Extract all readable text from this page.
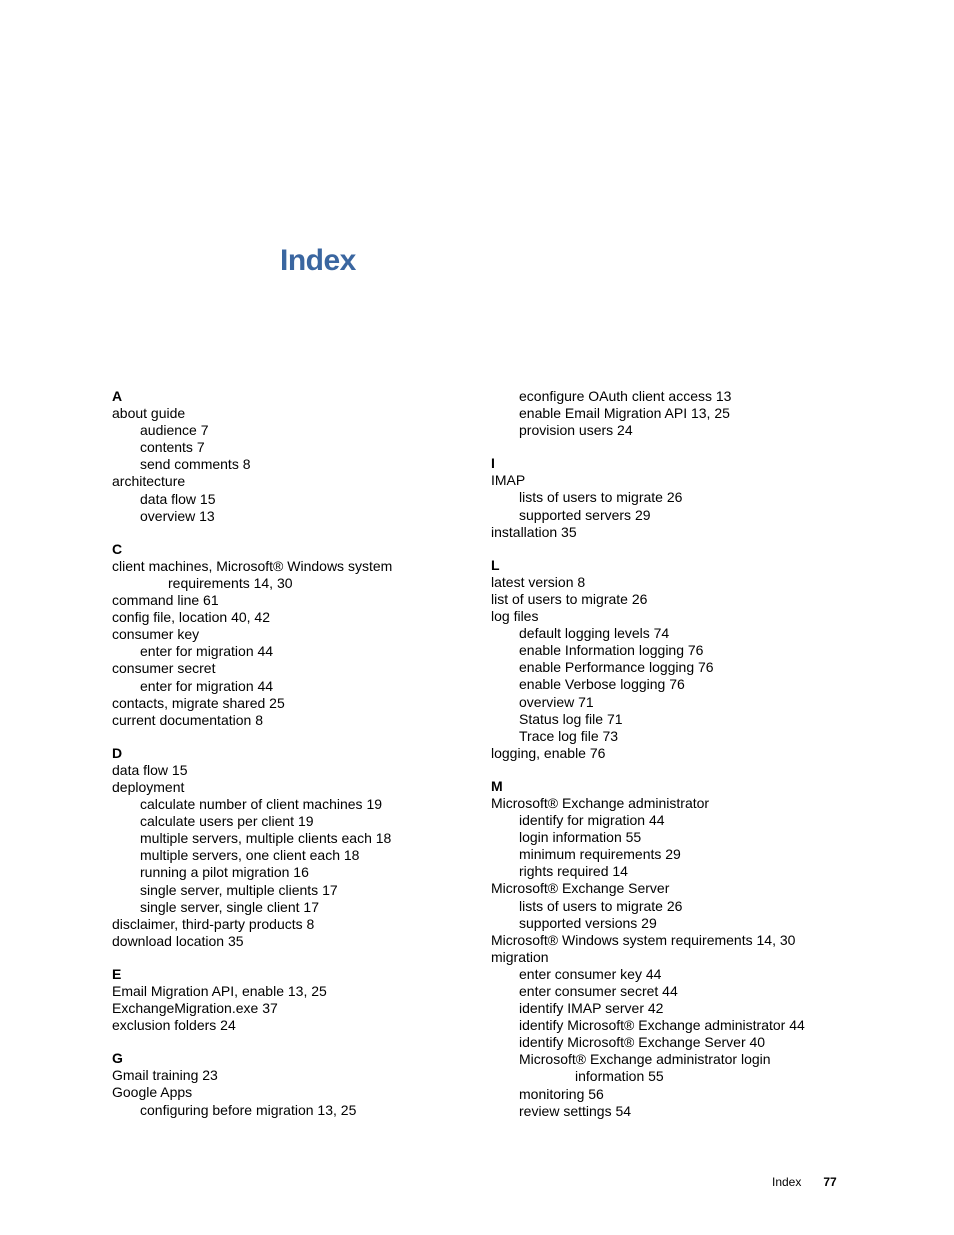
Index
A
about guide
audience 7
contents 7
send comments 8
architecture
data flow 15
overview 13
C
client machines, Microsoft® Windows system
requirements 14, 30
command line 61
config file, location 40, 42
consumer key
enter for migration 44
consumer secret
enter for migration 44
contacts, migrate shared 25
current documentation 8
D
data flow 15
deployment
calculate number of client machines 19
calculate users per client 19
multiple servers, multiple clients each 18
multiple servers, one client each 18
running a pilot migration 16
single server, multiple clients 17
single server, single client 17
disclaimer, third-party products 8
download location 35
E
Email Migration API, enable 13, 25
ExchangeMigration.exe 37
exclusion folders 24
G
Gmail training 23
Google Apps
configuring before migration 13, 25
econfigure OAuth client access 13
enable Email Migration API 13, 25
provision users 24
I
IMAP
lists of users to migrate 26
supported servers 29
installation 35
L
latest version 8
list of users to migrate 26
log files
default logging levels 74
enable Information logging 76
enable Performance logging 76
enable Verbose logging 76
overview 71
Status log file 71
Trace log file 73
logging, enable 76
M
Microsoft® Exchange administrator
identify for migration 44
login information 55
minimum requirements 29
rights required 14
Microsoft® Exchange Server
lists of users to migrate 26
supported versions 29
Microsoft® Windows system requirements 14, 30
migration
enter consumer key 44
enter consumer secret 44
identify IMAP server 42
identify Microsoft® Exchange administrator 44
identify Microsoft® Exchange Server 40
Microsoft® Exchange administrator login
information 55
monitoring 56
review settings 54
Index 77
